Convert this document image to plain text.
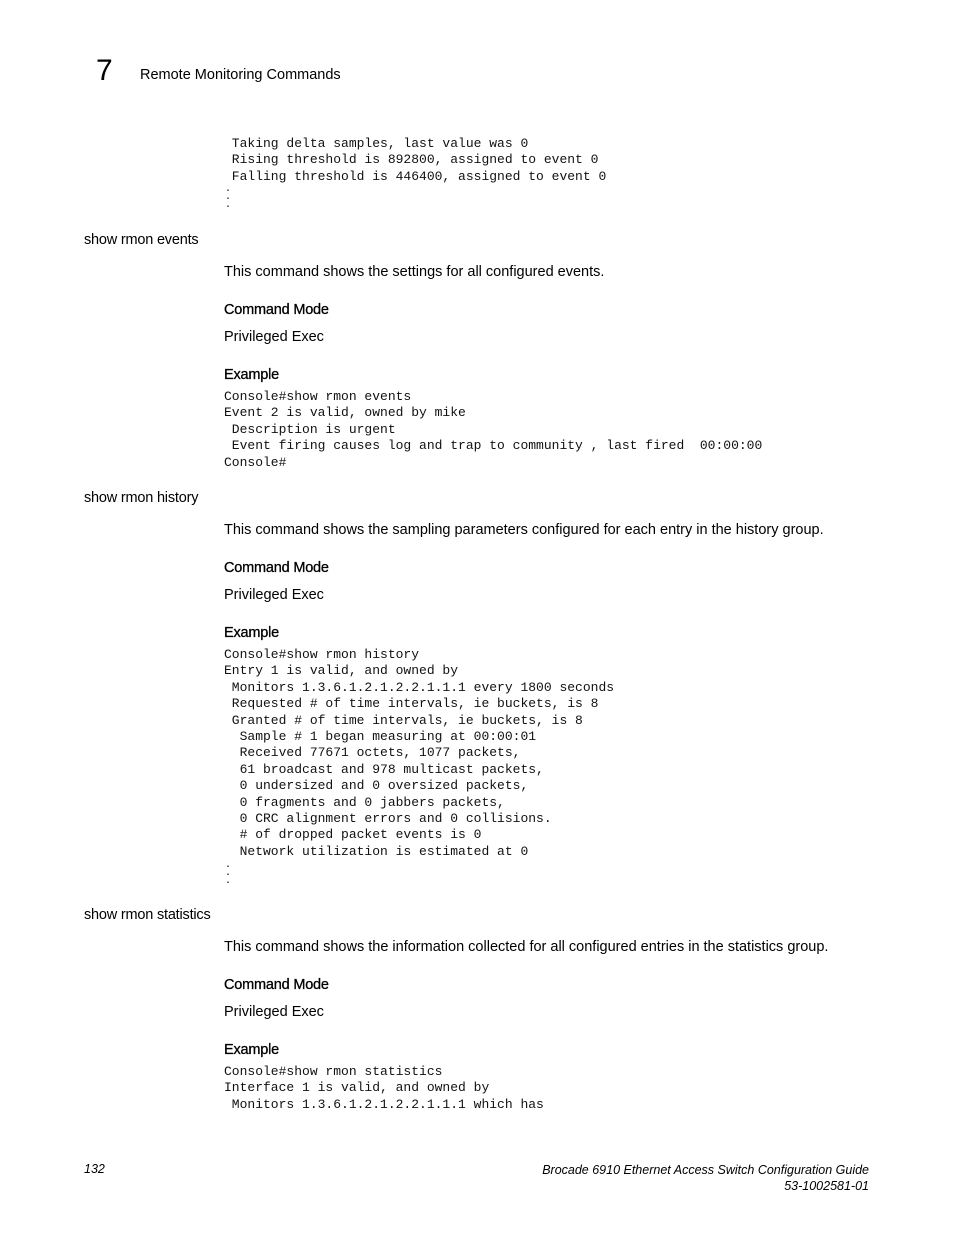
7 Remote Monitoring Commands
Taking delta samples, last value was 0
Rising threshold is 892800, assigned to event 0
Falling threshold is 446400, assigned to event 0
.
.
.
show rmon events
This command shows the settings for all configured events.
Command Mode
Privileged Exec
Example
Console#show rmon events
Event 2 is valid, owned by mike
Description is urgent
Event firing causes log and trap to community , last fired  00:00:00
Console#
show rmon history
This command shows the sampling parameters configured for each entry in the history group.
Command Mode
Privileged Exec
Example
Console#show rmon history
Entry 1 is valid, and owned by
Monitors 1.3.6.1.2.1.2.2.1.1.1 every 1800 seconds
Requested # of time intervals, ie buckets, is 8
Granted # of time intervals, ie buckets, is 8
Sample # 1 began measuring at 00:00:01
Received 77671 octets, 1077 packets,
61 broadcast and 978 multicast packets,
0 undersized and 0 oversized packets,
0 fragments and 0 jabbers packets,
0 CRC alignment errors and 0 collisions.
# of dropped packet events is 0
Network utilization is estimated at 0
.
.
.
show rmon statistics
This command shows the information collected for all configured entries in the statistics group.
Command Mode
Privileged Exec
Example
Console#show rmon statistics
Interface 1 is valid, and owned by
Monitors 1.3.6.1.2.1.2.2.1.1.1 which has
132	Brocade 6910 Ethernet Access Switch Configuration Guide
53-1002581-01
